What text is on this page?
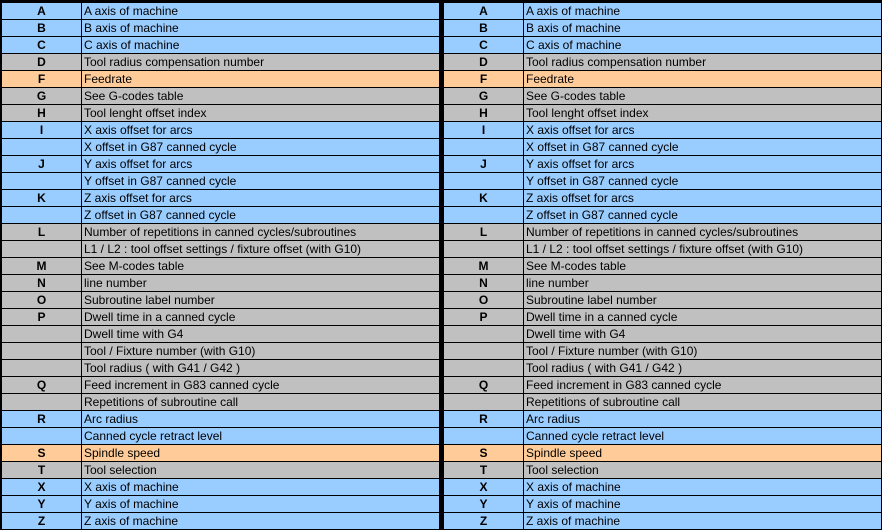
A	A axis of machine
B	B axis of machine
C	C axis of machine
D	Tool radius compensation number
F	Feedrate
G	See G-codes table
H	Tool lenght offset index
I	X axis offset for arcs
	X offset in G87 canned cycle
J	Y axis offset for arcs
	Y offset in G87 canned cycle
K	Z axis offset for arcs
	Z offset in G87 canned cycle
L	Number of repetitions in canned cycles/subroutines
	L1 / L2 : tool offset settings / fixture offset (with G10)
M	See M-codes table
N	line number
O	Subroutine label number
P	Dwell time in a canned cycle
	Dwell time with G4
	Tool / Fixture number (with G10)
	Tool radius ( with G41 / G42 )
Q	Feed increment in G83 canned cycle
	Repetitions of subroutine call
R	Arc radius
	Canned cycle retract level
S	Spindle speed
T	Tool selection
X	X axis of machine
Y	Y axis of machine
Z	Z axis of machine
A	A axis of machine
B	B axis of machine
C	C axis of machine
D	Tool radius compensation number
F	Feedrate
G	See G-codes table
H	Tool lenght offset index
I	X axis offset for arcs
	X offset in G87 canned cycle
J	Y axis offset for arcs
	Y offset in G87 canned cycle
K	Z axis offset for arcs
	Z offset in G87 canned cycle
L	Number of repetitions in canned cycles/subroutines
	L1 / L2 : tool offset settings / fixture offset (with G10)
M	See M-codes table
N	line number
O	Subroutine label number
P	Dwell time in a canned cycle
	Dwell time with G4
	Tool / Fixture number (with G10)
	Tool radius ( with G41 / G42 )
Q	Feed increment in G83 canned cycle
	Repetitions of subroutine call
R	Arc radius
	Canned cycle retract level
S	Spindle speed
T	Tool selection
X	X axis of machine
Y	Y axis of machine
Z	Z axis of machine
